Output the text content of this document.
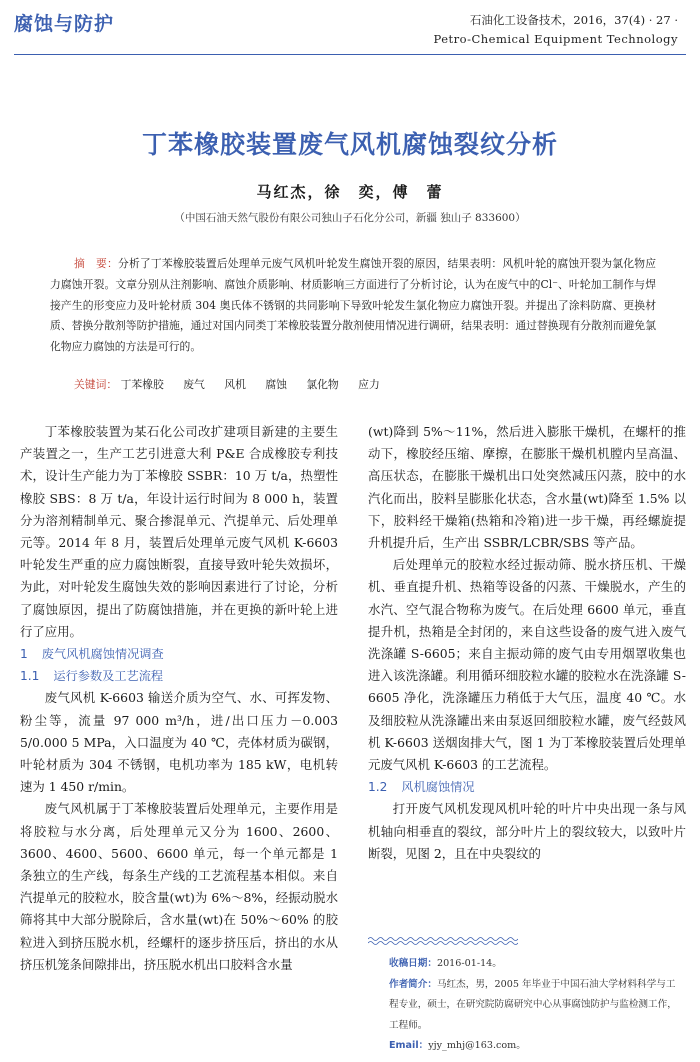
腐蚀与防护	石油化工设备技术，2016，37(4) · 27 ·
Petro-Chemical Equipment Technology
丁苯橡胶装置废气风机腐蚀裂纹分析
马红杰，徐　奕，傅　蕾
（中国石油天然气股份有限公司独山子石化分公司，新疆 独山子 833600）
摘　要：分析了丁苯橡胶装置后处理单元废气风机叶轮发生腐蚀开裂的原因，结果表明：风机叶轮的腐蚀开裂为氯化物应力腐蚀开裂。文章分别从注剂影响、腐蚀介质影响、材质影响三方面进行了分析讨论，认为在废气中的Cl⁻、叶轮加工制作与焊接产生的形变应力及叶轮材质 304 奥氏体不锈钢的共同影响下导致叶轮发生氯化物应力腐蚀开裂。并提出了涂料防腐、更换材质、替换分散剂等防护措施，通过对国内同类丁苯橡胶装置分散剂使用情况进行调研，结果表明：通过替换现有分散剂而避免氯化物应力腐蚀的方法是可行的。
关键词： 丁苯橡胶 废气 风机 腐蚀 氯化物 应力

丁苯橡胶装置为某石化公司改扩建项目新建的主要生产装置之一，生产工艺引进意大利 P&E 合成橡胶专利技术，设计生产能力为丁苯橡胶 SSBR：10 万 t/a，热塑性橡胶 SBS：8 万 t/a，年设计运行时间为 8 000 h，装置分为溶剂精制单元、聚合掺混单元、汽提单元、后处理单元等。2014 年 8 月，装置后处理单元废气风机 K-6603 叶轮发生严重的应力腐蚀断裂，直接导致叶轮失效损坏，为此，对叶轮发生腐蚀失效的影响因素进行了讨论，分析了腐蚀原因，提出了防腐蚀措施，并在更换的新叶轮上进行了应用。

1 废气风机腐蚀情况调查
1.1 运行参数及工艺流程

废气风机 K-6603 输送介质为空气、水、可挥发物、粉尘等，流量 97 000 m³/h，进/出口压力－0.003 5/0.000 5 MPa，入口温度为 40 ℃，壳体材质为碳钢，叶轮材质为 304 不锈钢，电机功率为 185 kW，电机转速为 1 450 r/min。

废气风机属于丁苯橡胶装置后处理单元，主要作用是将胶粒与水分离，后处理单元又分为 1600、2600、3600、4600、5600、6600 单元，每一个单元都是 1 条独立的生产线，每条生产线的工艺流程基本相似。来自汽提单元的胶粒水，胶含量(wt)为 6%～8%，经振动脱水筛将其中大部分脱除后，含水量(wt)在 50%～60% 的胶粒进入到挤压脱水机，经螺杆的逐步挤压后，挤出的水从挤压机笼条间隙排出，挤压脱水机出口胶料含水量

(wt)降到 5%～11%，然后进入膨胀干燥机，在螺杆的推动下，橡胶经压缩、摩擦，在膨胀干燥机机膛内呈高温、高压状态，在膨胀干燥机出口处突然减压闪蒸，胶中的水汽化而出，胶料呈膨胀化状态，含水量(wt)降至 1.5% 以下，胶料经干燥箱(热箱和冷箱)进一步干燥，再经螺旋提升机提升后，生产出 SSBR/LCBR/SBS 等产品。

后处理单元的胶粒水经过振动筛、脱水挤压机、干燥机、垂直提升机、热箱等设备的闪蒸、干燥脱水，产生的水汽、空气混合物称为废气。在后处理 6600 单元，垂直提升机，热箱是全封闭的，来自这些设备的废气进入废气洗涤罐 S-6605；来自主振动筛的废气由专用烟罩收集也进入该洗涤罐。利用循环细胶粒水罐的胶粒水在洗涤罐 S-6605 净化，洗涤罐压力稍低于大气压，温度 40 ℃。水及细胶粒从洗涤罐出来由泵返回细胶粒水罐，废气经鼓风机 K-6603 送烟囱排大气，图 1 为丁苯橡胶装置后处理单元废气风机 K-6603 的工艺流程。

1.2 风机腐蚀情况

打开废气风机发现风机叶轮的叶片中央出现一条与风机轴向相垂直的裂纹，部分叶片上的裂纹较大，以致叶片断裂，见图 2，且在中央裂纹的

收稿日期：2016-01-14。

作者简介：马红杰，男，2005 年毕业于中国石油大学材料科学与工程专业，硕士，在研究院防腐研究中心从事腐蚀防护与监检测工作，工程师。

Email：yjy_mhj@163.com。
